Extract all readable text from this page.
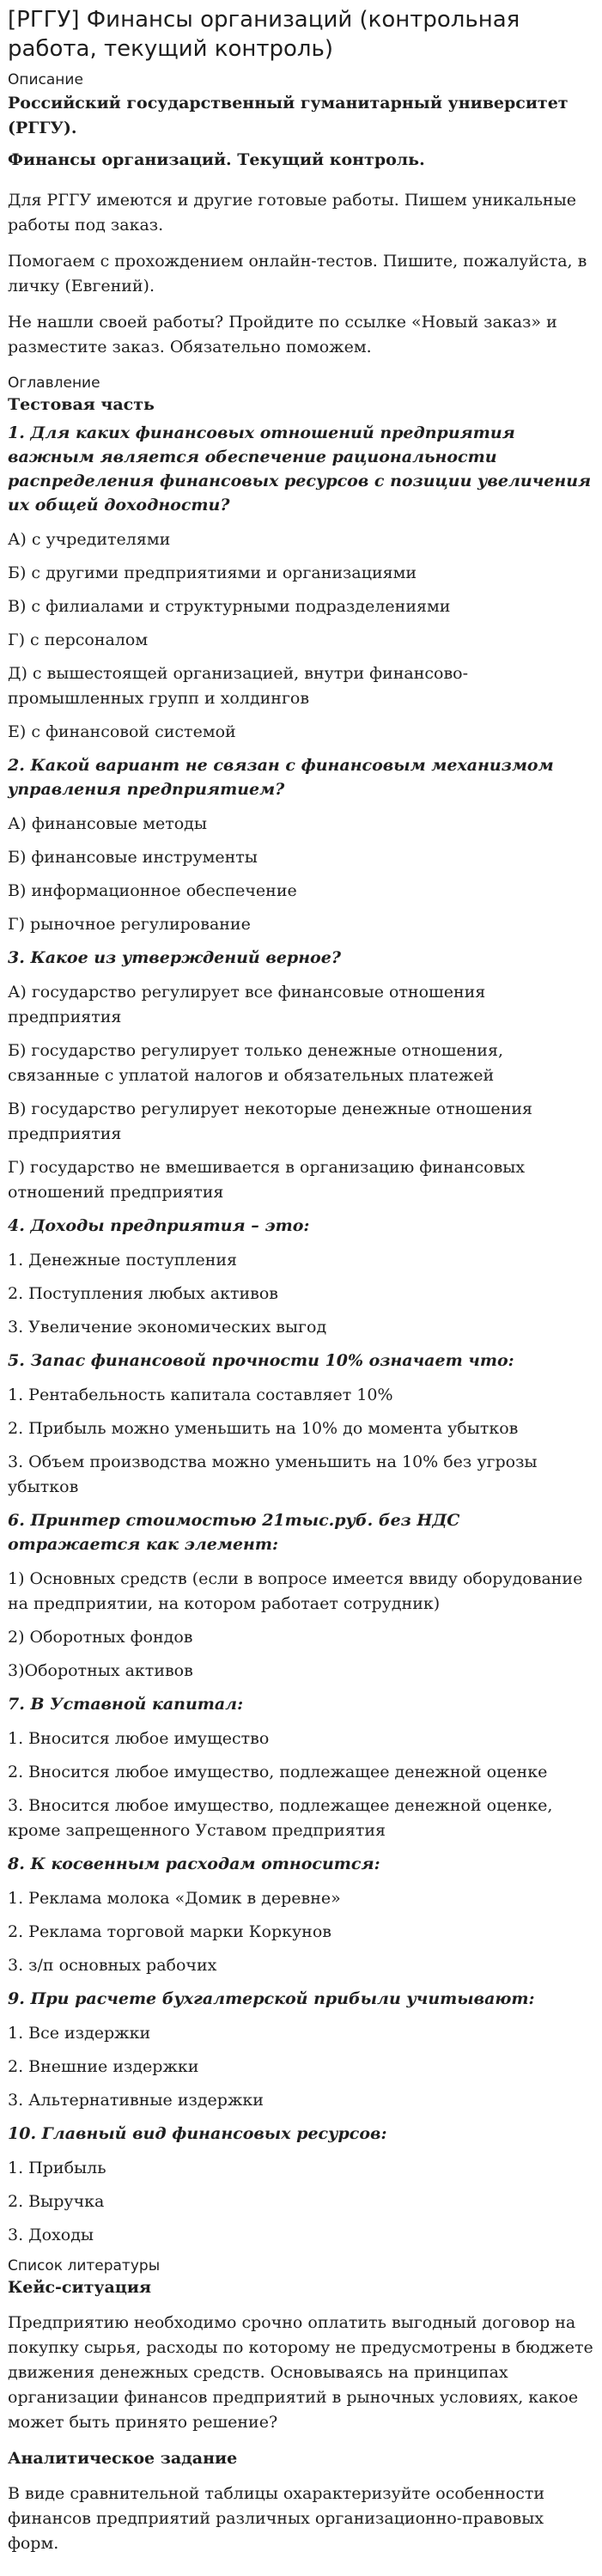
[РГГУ] Финансы организаций (контрольная работа, текущий контроль)
Описание
Российский государственный гуманитарный университет (РГГУ).
Финансы организаций. Текущий контроль.
Для РГГУ имеются и другие готовые работы. Пишем уникальные работы под заказ.
Помогаем с прохождением онлайн-тестов. Пишите, пожалуйста, в личку (Евгений).
Не нашли своей работы? Пройдите по ссылке «Новый заказ» и разместите заказ. Обязательно поможем.
Оглавление
Тестовая часть
1. Для каких финансовых отношений предприятия важным является обеспечение рациональности распределения финансовых ресурсов с позиции увеличения их общей доходности?
А) с учредителями
Б) с другими предприятиями и организациями
В) с филиалами и структурными подразделениями
Г) с персоналом
Д) с вышестоящей организацией, внутри финансово-промышленных групп и холдингов
Е) с финансовой системой
2. Какой вариант не связан с финансовым механизмом управления предприятием?
А) финансовые методы
Б) финансовые инструменты
В) информационное обеспечение
Г) рыночное регулирование
3. Какое из утверждений верное?
А) государство регулирует все финансовые отношения предприятия
Б) государство регулирует только денежные отношения, связанные с уплатой налогов и обязательных платежей
В) государство регулирует некоторые денежные отношения предприятия
Г) государство не вмешивается в организацию финансовых отношений предприятия
4. Доходы предприятия – это:
1. Денежные поступления
2. Поступления любых активов
3. Увеличение экономических выгод
5. Запас финансовой прочности 10% означает что:
1. Рентабельность капитала составляет 10%
2. Прибыль можно уменьшить на 10% до момента убытков
3. Объем производства можно уменьшить на 10% без угрозы убытков
6. Принтер стоимостью 21тыс.руб. без НДС отражается как элемент:
1) Основных средств (если в вопросе имеется ввиду оборудование на предприятии, на котором работает сотрудник)
2) Оборотных фондов
3)Оборотных активов
7. В Уставной капитал:
1. Вносится любое имущество
2. Вносится любое имущество, подлежащее денежной оценке
3. Вносится любое имущество, подлежащее денежной оценке, кроме запрещенного Уставом предприятия
8. К косвенным расходам относится:
1. Реклама молока «Домик в деревне»
2. Реклама торговой марки Коркунов
3. з/п основных рабочих
9. При расчете бухгалтерской прибыли учитывают:
1. Все издержки
2. Внешние издержки
3. Альтернативные издержки
10. Главный вид финансовых ресурсов:
1. Прибыль
2. Выручка
3. Доходы
Список литературы
Кейс-ситуация
Предприятию необходимо срочно оплатить выгодный договор на покупку сырья, расходы по которому не предусмотрены в бюджете движения денежных средств. Основываясь на принципах организации финансов предприятий в рыночных условиях, какое может быть принято решение?
Аналитическое задание
В виде сравнительной таблицы охарактеризуйте особенности финансов предприятий различных организационно-правовых форм.
